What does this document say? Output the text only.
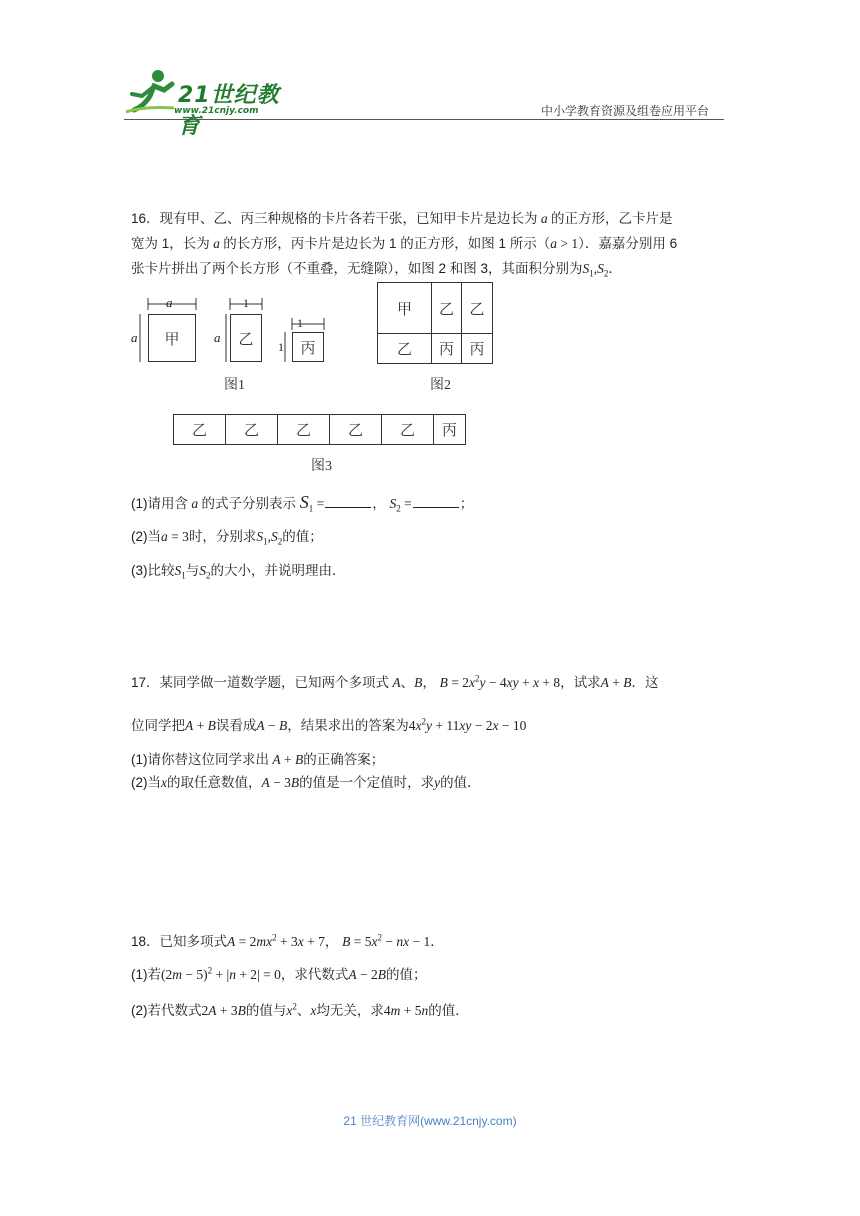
21世纪教育
www.21cnjy.com	中小学教育资源及组卷应用平台
16．现有甲、乙、丙三种规格的卡片各若干张，已知甲卡片是边长为 a 的正方形，乙卡片是
宽为 1，长为 a 的长方形，丙卡片是边长为 1 的正方形，如图 1 所示（a > 1）．嘉嘉分别用 6
张卡片拼出了两个长方形（不重叠，无缝隙），如图 2 和图 3，其面积分别为$S_1,S_2$．
a
a
1
a
1
1
甲	乙
丙
图1
甲	乙	乙
乙	丙	丙
图2
乙	乙	乙	乙	乙	丙
图3
(1)请用含 a 的式子分别表示 $S_1$ =	， $S_2$ =	；
(2)当a = 3时，分别求$S_1,S_2$的值；
(3)比较$S_1$与$S_2$的大小，并说明理由．
17．某同学做一道数学题，已知两个多项式 A、B， $B = 2x^2y - 4xy + x + 8$，试求A + B．这
位同学把A + B误看成A − B，结果求出的答案为$4x^2y + 11xy - 2x - 10$
(1)请你替这位同学求出 A + B的正确答案；
(2)当x的取任意数值，A − 3B的值是一个定值时，求y的值．
18．已知多项式$A = 2mx^2 + 3x + 7$， $B = 5x^2$ − nx − 1．
(1)若$(2m - 5)^2 + |n + 2| = 0$，求代数式A − 2B的值；
(2)若代数式2A + 3B的值与$x^2$、x均无关，求4m + 5n的值．
21 世纪教育网(www.21cnjy.com)
